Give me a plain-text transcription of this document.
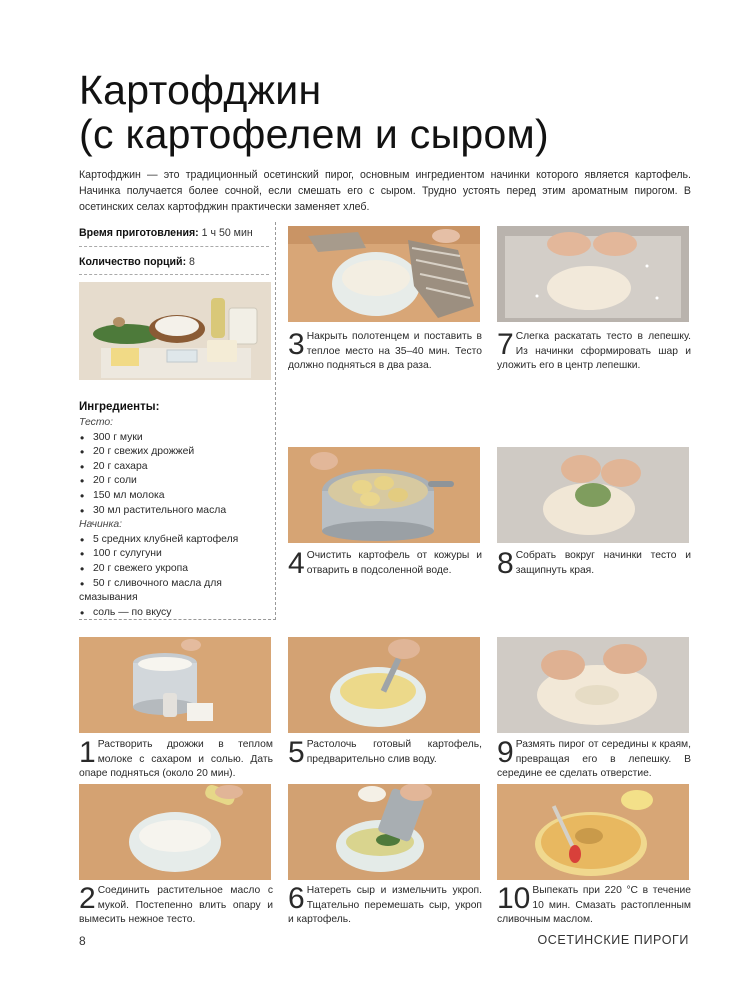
Картофджин
(с картофелем и сыром)

Картофджин — это традиционный осетинский пирог, основным ингредиентом начинки которого является картофель. Начинка получается более сочной, если смешать его с сыром. Трудно устоять перед этим ароматным пирогом. В осетинских селах картофджин практически заменяет хлеб.

Время приготовления: 1 ч 50 мин
Количество порций: 8
Ингредиенты:
Тесто:
• 300 г муки
• 20 г свежих дрожжей
• 20 г сахара
• 20 г соли
• 150 мл молока
• 30 мл растительного масла
Начинка:
• 5 средних клубней картофеля
• 100 г сулугуни
• 20 г свежего укропа
• 50 г сливочного масла для
смазывания
• соль — по вкусу
3 Накрыть полотенцем и поставить в теплое место на 35–40 мин. Тесто должно подняться в два раза.
7 Слегка раскатать тесто в лепешку. Из начинки сформировать шар и уложить его в центр лепешки.
4 Очистить картофель от кожуры и отварить в подсоленной воде.	8 Собрать вокруг начинки тесто и защипнуть края.
1 Растворить дрожжи в теплом молоке с сахаром и солью. Дать опаре подняться (около 20 мин).
5 Растолочь готовый картофель, предварительно слив воду.	9 Размять пирог от середины к краям, превращая его в лепешку. В середине ее сделать отверстие.
2 Соединить растительное масло с мукой. Постепенно влить опару и вымесить нежное тесто.
6 Натереть сыр и измельчить укроп. Тщательно перемешать сыр, укроп и картофель.
10 Выпекать при 220 °С в течение 10 мин. Смазать растопленным сливочным маслом.
8	ОСЕТИНСКИЕ ПИРОГИ
